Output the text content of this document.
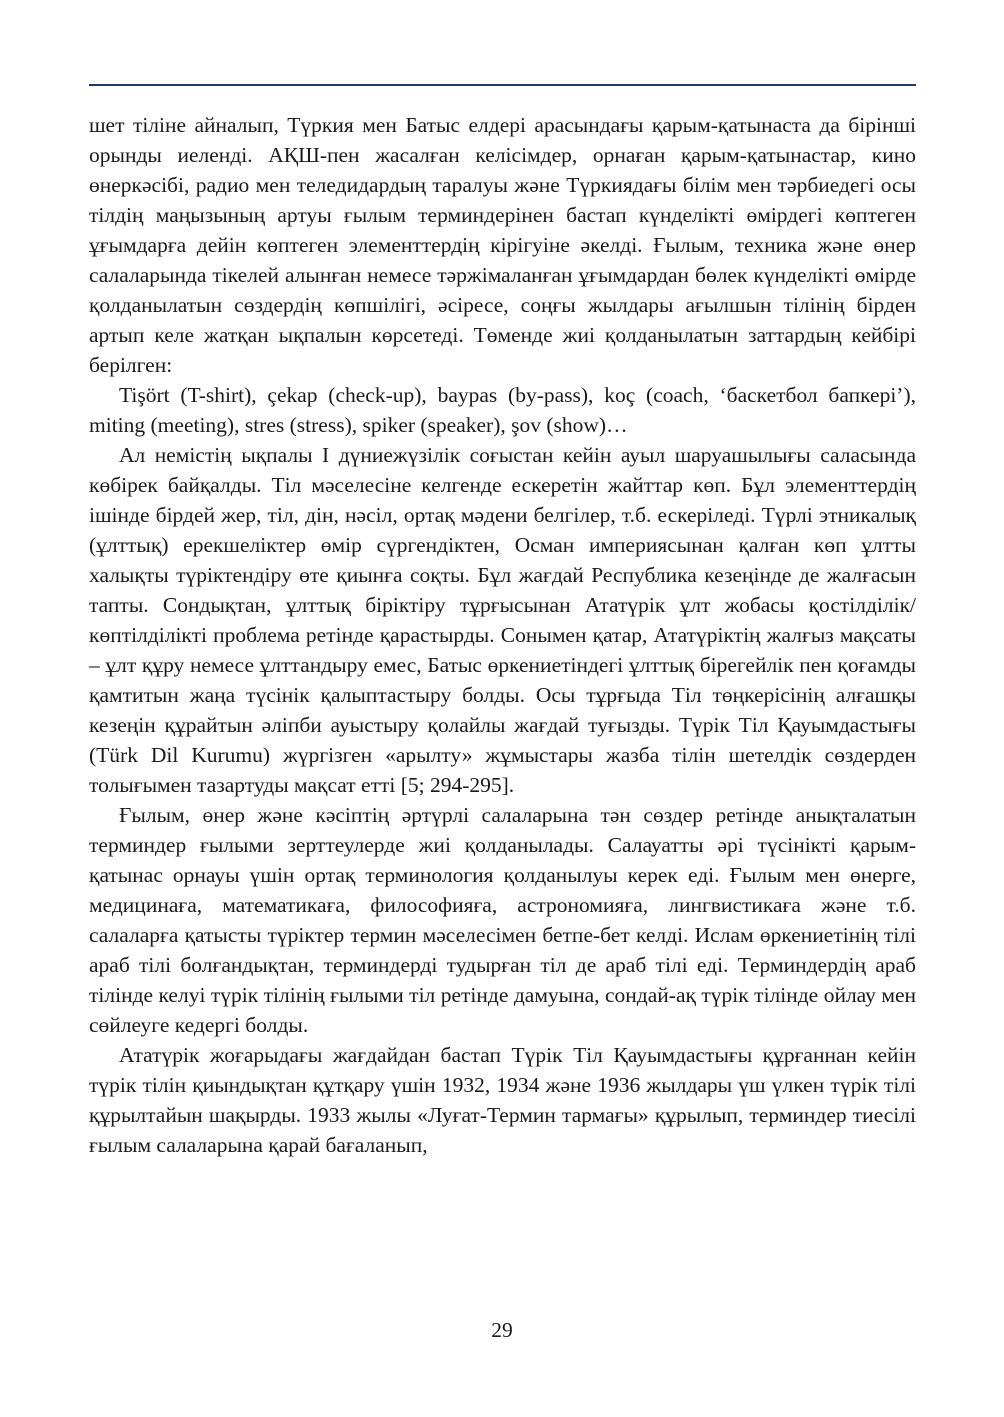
шет тіліне айналып, Түркия мен Батыс елдері арасындағы қарым-қатынаста да бірінші орынды иеленді. АҚШ-пен жасалған келісімдер, орнаған қарым-қатынастар, кино өнеркәсібі, радио мен теледидардың таралуы және Түркиядағы білім мен тәрбиедегі осы тілдің маңызының артуы ғылым терминдерінен бастап күнделікті өмірдегі көптеген ұғымдарға дейін көптеген элементтердің кірігуіне әкелді. Ғылым, техника және өнер салаларында тікелей алынған немесе тәржімаланған ұғымдардан бөлек күнделікті өмірде қолданылатын сөздердің көпшілігі, әсіресе, соңғы жылдары ағылшын тілінің бірден артып келе жатқан ықпалын көрсетеді. Төменде жиі қолданылатын заттардың кейбірі берілген:

Tişört (T-shirt), çekap (check-up), baypas (by-pass), koç (coach, ‘баскетбол бапкері’), miting (meeting), stres (stress), spiker (speaker), şov (show)…

Ал немістің ықпалы І дүниежүзілік соғыстан кейін ауыл шаруашылығы саласында көбірек байқалды. Тіл мәселесіне келгенде ескеретін жайттар көп. Бұл элементтердің ішінде бірдей жер, тіл, дін, нәсіл, ортақ мәдени белгілер, т.б. ескеріледі. Түрлі этникалық (ұлттық) ерекшеліктер өмір сүргендіктен, Осман империясынан қалған көп ұлтты халықты түріктендіру өте қиынға соқты. Бұл жағдай Республика кезеңінде де жалғасын тапты. Сондықтан, ұлттық біріктіру тұрғысынан Ататүрік ұлт жобасы қостілділік/көптілділікті проблема ретінде қарастырды. Сонымен қатар, Ататүріктің жалғыз мақсаты – ұлт құру немесе ұлттандыру емес, Батыс өркениетіндегі ұлттық бірегейлік пен қоғамды қамтитын жаңа түсінік қалыптастыру болды. Осы тұрғыда Тіл төңкерісінің алғашқы кезеңін құрайтын әліпби ауыстыру қолайлы жағдай туғызды. Түрік Тіл Қауымдастығы (Türk Dil Kurumu) жүргізген «арылту» жұмыстары жазба тілін шетелдік сөздерден толығымен тазартуды мақсат етті [5; 294-295].

Ғылым, өнер және кәсіптің әртүрлі салаларына тән сөздер ретінде анықталатын терминдер ғылыми зерттеулерде жиі қолданылады. Салауатты әрі түсінікті қарым-қатынас орнауы үшін ортақ терминология қолданылуы керек еді. Ғылым мен өнерге, медицинаға, математикаға, философияға, астрономияға, лингвистикаға және т.б. салаларға қатысты түріктер термин мәселесімен бетпе-бет келді. Ислам өркениетінің тілі араб тілі болғандықтан, терминдерді тудырған тіл де араб тілі еді. Терминдердің араб тілінде келуі түрік тілінің ғылыми тіл ретінде дамуына, сондай-ақ түрік тілінде ойлау мен сөйлеуге кедергі болды.

Ататүрік жоғарыдағы жағдайдан бастап Түрік Тіл Қауымдастығы құрғаннан кейін түрік тілін қиындықтан құтқару үшін 1932, 1934 және 1936 жылдары үш үлкен түрік тілі құрылтайын шақырды. 1933 жылы «Луғат-Термин тармағы» құрылып, терминдер тиесілі ғылым салаларына қарай бағаланып,

29
